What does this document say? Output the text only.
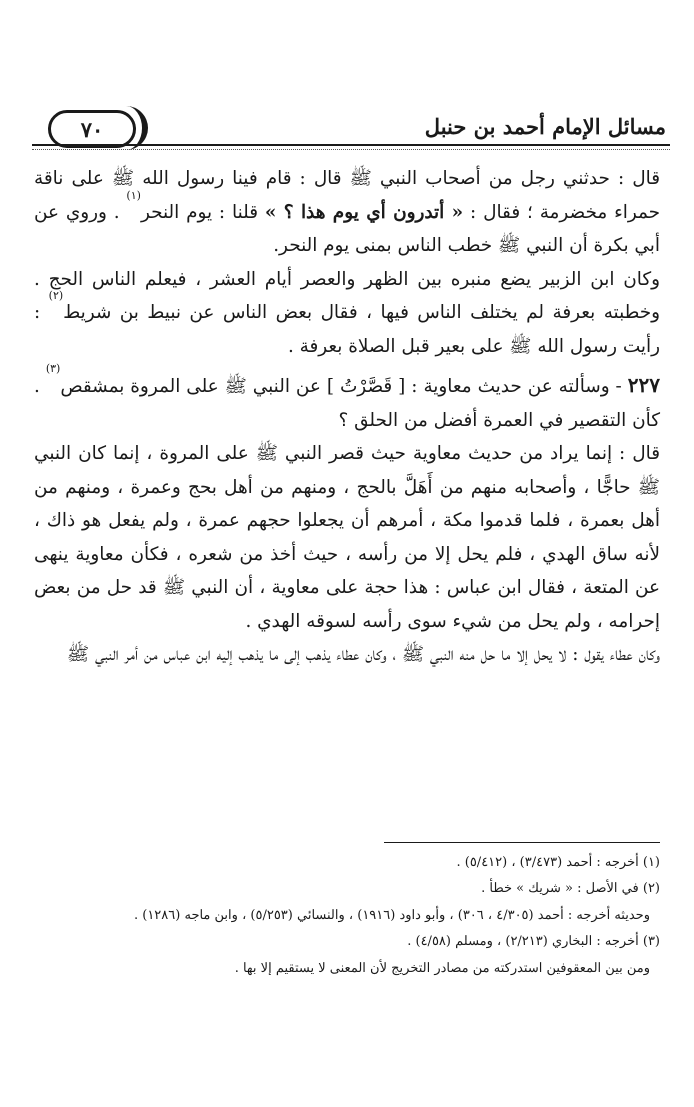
٧٠	مسائل الإمام أحمد بن حنبل

قال : حدثني رجل من أصحاب النبي ﷺ قال : قام فينا رسول الله ﷺ على ناقة حمراء مخضرمة ؛ فقال : « أتدرون أي يوم هذا ؟ » قلنا : يوم النحر$^{(١)}$ . وروي عن أبي بكرة أن النبي ﷺ خطب الناس بمنى يوم النحر.

وكان ابن الزبير يضع منبره بين الظهر والعصر أيام العشر ، فيعلم الناس الحج . وخطبته بعرفة لم يختلف الناس فيها ، فقال بعض الناس عن نبيط بن شريط$^{(٢)}$ : رأيت رسول الله ﷺ على بعير قبل الصلاة بعرفة .

٢٢٧ - وسألته عن حديث معاوية : [ قَصَّرْتُ ] عن النبي ﷺ على المروة بمشقص$^{(٣)}$ . كأن التقصير في العمرة أفضل من الحلق ؟

قال : إنما يراد من حديث معاوية حيث قصر النبي ﷺ على المروة ، إنما كان النبي ﷺ حاجًّا ، وأصحابه منهم من أَهَلَّ بالحج ، ومنهم من أهل بحج وعمرة ، ومنهم من أهل بعمرة ، فلما قدموا مكة ، أمرهم أن يجعلوا حجهم عمرة ، ولم يفعل هو ذاك ، لأنه ساق الهدي ، فلم يحل إلا من رأسه ، حيث أخذ من شعره ، فكأن معاوية ينهى عن المتعة ، فقال ابن عباس : هذا حجة على معاوية ، أن النبي ﷺ قد حل من بعض إحرامه ، ولم يحل من شيء سوى رأسه لسوقه الهدي .

وكان عطاء يقول : لا يحل إلا ما حل منه النبي ﷺ ، وكان عطاء يذهب إلى ما يذهب إليه ابن عباس من أمر النبي ﷺ

(١) أخرجه : أحمد (٣/٤٧٣) ، (٥/٤١٢) .

(٢) في الأصل : « شريك » خطأ .

وحديثه أخرجه : أحمد (٤/٣٠٥ ، ٣٠٦) ، وأبو داود (١٩١٦) ، والنسائي (٥/٢٥٣) ، وابن ماجه (١٢٨٦) .

(٣) أخرجه : البخاري (٢/٢١٣) ، ومسلم (٤/٥٨) .

ومن بين المعقوفين استدركته من مصادر التخريج لأن المعنى لا يستقيم إلا بها .
